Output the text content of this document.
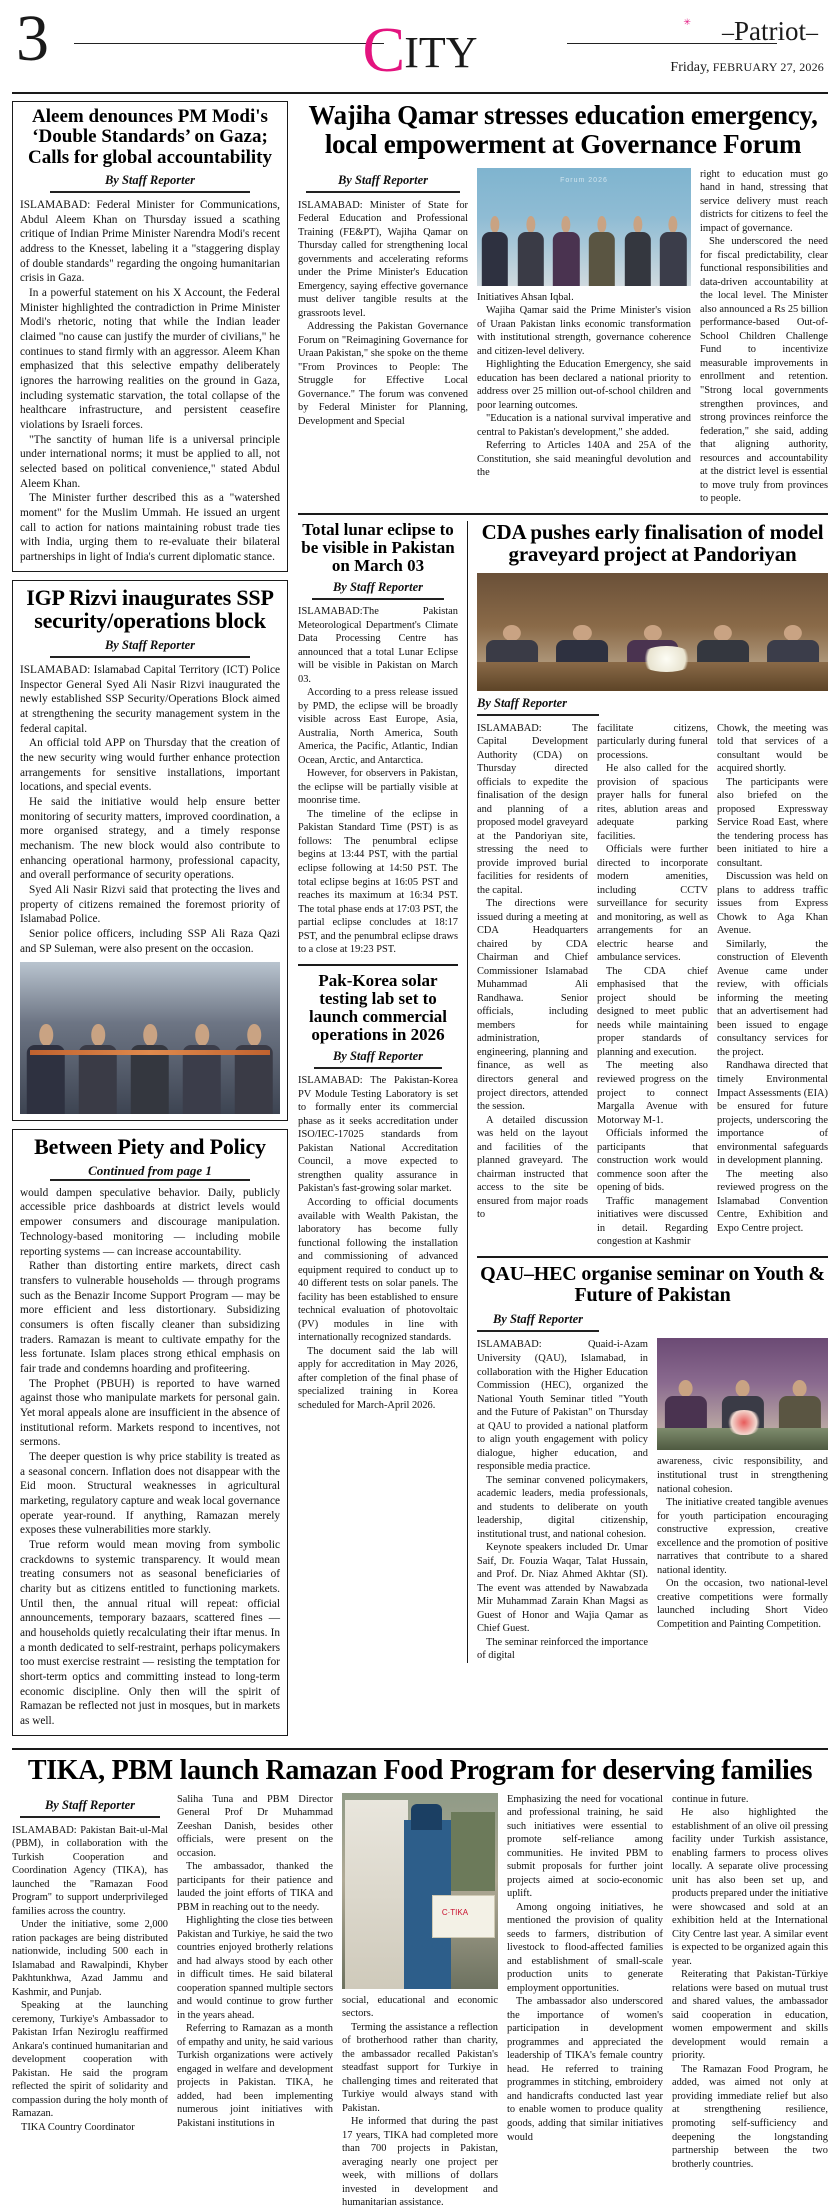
3	CITY
✳ –Patriot–
Friday, FEBRUARY 27, 2026
Aleem denounces PM Modi's ‘Double Standards’ on Gaza; Calls for global accountability
By Staff Reporter

ISLAMABAD: Federal Minister for Communications, Abdul Aleem Khan on Thursday issued a scathing critique of Indian Prime Minister Narendra Modi's recent address to the Knesset, labeling it a "staggering display of double standards" regarding the ongoing humanitarian crisis in Gaza.

In a powerful statement on his X Account, the Federal Minister highlighted the contradiction in Prime Minister Modi's rhetoric, noting that while the Indian leader claimed "no cause can justify the murder of civilians," he continues to stand firmly with an aggressor. Aleem Khan emphasized that this selective empathy deliberately ignores the harrowing realities on the ground in Gaza, including systematic starvation, the total collapse of the healthcare infrastructure, and persistent ceasefire violations by Israeli forces.

"The sanctity of human life is a universal principle under international norms; it must be applied to all, not selected based on political convenience," stated Abdul Aleem Khan.

The Minister further described this as a "watershed moment" for the Muslim Ummah. He issued an urgent call to action for nations maintaining robust trade ties with India, urging them to re-evaluate their bilateral partnerships in light of India's current diplomatic stance.

IGP Rizvi inaugurates SSP security/operations block
By Staff Reporter

ISLAMABAD: Islamabad Capital Territory (ICT) Police Inspector General Syed Ali Nasir Rizvi inaugurated the newly established SSP Security/Operations Block aimed at strengthening the security management system in the federal capital.

An official told APP on Thursday that the creation of the new security wing would further enhance protection arrangements for sensitive installations, important locations, and special events.

He said the initiative would help ensure better monitoring of security matters, improved coordination, a more organised strategy, and a timely response mechanism. The new block would also contribute to enhancing operational harmony, professional capacity, and overall performance of security operations.

Syed Ali Nasir Rizvi said that protecting the lives and property of citizens remained the foremost priority of Islamabad Police.

Senior police officers, including SSP Ali Raza Qazi and SP Suleman, were also present on the occasion.

Between Piety and Policy
Continued from page 1

would dampen speculative behavior. Daily, publicly accessible price dashboards at district levels would empower consumers and discourage manipulation. Technology-based monitoring — including mobile reporting systems — can increase accountability.

Rather than distorting entire markets, direct cash transfers to vulnerable households — through programs such as the Benazir Income Support Program — may be more efficient and less distortionary. Subsidizing consumers is often fiscally cleaner than subsidizing traders. Ramazan is meant to cultivate empathy for the less fortunate. Islam places strong ethical emphasis on fair trade and condemns hoarding and profiteering.

The Prophet (PBUH) is reported to have warned against those who manipulate markets for personal gain. Yet moral appeals alone are insufficient in the absence of institutional reform. Markets respond to incentives, not sermons.

The deeper question is why price stability is treated as a seasonal concern. Inflation does not disappear with the Eid moon. Structural weaknesses in agricultural marketing, regulatory capture and weak local governance operate year-round. If anything, Ramazan merely exposes these vulnerabilities more starkly.

True reform would mean moving from symbolic crackdowns to systemic transparency. It would mean treating consumers not as seasonal beneficiaries of charity but as citizens entitled to functioning markets. Until then, the annual ritual will repeat: official announcements, temporary bazaars, scattered fines — and households quietly recalculating their iftar menus. In a month dedicated to self-restraint, perhaps policymakers too must exercise restraint — resisting the temptation for short-term optics and committing instead to long-term economic discipline. Only then will the spirit of Ramazan be reflected not just in mosques, but in markets as well.

Wajiha Qamar stresses education emergency, local empowerment at Governance Forum
By Staff Reporter

ISLAMABAD: Minister of State for Federal Education and Professional Training (FE&PT), Wajiha Qamar on Thursday called for strengthening local governments and accelerating reforms under the Prime Minister's Education Emergency, saying effective governance must deliver tangible results at the grassroots level.

Addressing the Pakistan Governance Forum on "Reimagining Governance for Uraan Pakistan," she spoke on the theme "From Provinces to People: The Struggle for Effective Local Governance." The forum was convened by Federal Minister for Planning, Development and Special

Forum 2026

Initiatives Ahsan Iqbal.

Wajiha Qamar said the Prime Minister's vision of Uraan Pakistan links economic transformation with institutional strength, governance coherence and citizen-level delivery.

Highlighting the Education Emergency, she said education has been declared a national priority to address over 25 million out-of-school children and poor learning outcomes.

"Education is a national survival imperative and central to Pakistan's development," she added.

Referring to Articles 140A and 25A of the Constitution, she said meaningful devolution and the

right to education must go hand in hand, stressing that service delivery must reach districts for citizens to feel the impact of governance.

She underscored the need for fiscal predictability, clear functional responsibilities and data-driven accountability at the local level. The Minister also announced a Rs 25 billion performance-based Out-of-School Children Challenge Fund to incentivize measurable improvements in enrollment and retention. "Strong local governments strengthen provinces, and strong provinces reinforce the federation," she said, adding that aligning authority, resources and accountability at the district level is essential to move truly from provinces to people.

Total lunar eclipse to be visible in Pakistan on March 03
By Staff Reporter

ISLAMABAD:The Pakistan Meteorological Department's Climate Data Processing Centre has announced that a total Lunar Eclipse will be visible in Pakistan on March 03.

According to a press release issued by PMD, the eclipse will be broadly visible across East Europe, Asia, Australia, North America, South America, the Pacific, Atlantic, Indian Ocean, Arctic, and Antarctica.

However, for observers in Pakistan, the eclipse will be partially visible at moonrise time.

The timeline of the eclipse in Pakistan Standard Time (PST) is as follows: The penumbral eclipse begins at 13:44 PST, with the partial eclipse following at 14:50 PST. The total eclipse begins at 16:05 PST and reaches its maximum at 16:34 PST. The total phase ends at 17:03 PST, the partial eclipse concludes at 18:17 PST, and the penumbral eclipse draws to a close at 19:23 PST.

Pak-Korea solar testing lab set to launch commercial operations in 2026
By Staff Reporter

ISLAMABAD: The Pakistan-Korea PV Module Testing Laboratory is set to formally enter its commercial phase as it seeks accreditation under ISO/IEC-17025 standards from Pakistan National Accreditation Council, a move expected to strengthen quality assurance in Pakistan's fast-growing solar market.

According to official documents available with Wealth Pakistan, the laboratory has become fully functional following the installation and commissioning of advanced equipment required to conduct up to 40 different tests on solar panels. The facility has been established to ensure technical evaluation of photovoltaic (PV) modules in line with internationally recognized standards.

The document said the lab will apply for accreditation in May 2026, after completion of the final phase of specialized training in Korea scheduled for March-April 2026.

CDA pushes early finalisation of model graveyard project at Pandoriyan
By Staff Reporter

ISLAMABAD: The Capital Development Authority (CDA) on Thursday directed officials to expedite the finalisation of the design and planning of a proposed model graveyard at the Pandoriyan site, stressing the need to provide improved burial facilities for residents of the capital.

The directions were issued during a meeting at CDA Headquarters chaired by CDA Chairman and Chief Commissioner Islamabad Muhammad Ali Randhawa. Senior officials, including members for administration, engineering, planning and finance, as well as directors general and project directors, attended the session.

A detailed discussion was held on the layout and facilities of the planned graveyard. The chairman instructed that access to the site be ensured from major roads to

facilitate citizens, particularly during funeral processions.

He also called for the provision of spacious prayer halls for funeral rites, ablution areas and adequate parking facilities.

Officials were further directed to incorporate modern amenities, including CCTV surveillance for security and monitoring, as well as arrangements for an electric hearse and ambulance services.

The CDA chief emphasised that the project should be designed to meet public needs while maintaining proper standards of planning and execution.

The meeting also reviewed progress on the project to connect Margalla Avenue with Motorway M-1.

Officials informed the participants that construction work would commence soon after the opening of bids.

Traffic management initiatives were discussed in detail. Regarding congestion at Kashmir

Chowk, the meeting was told that services of a consultant would be acquired shortly.

The participants were also briefed on the proposed Expressway Service Road East, where the tendering process has been initiated to hire a consultant.

Discussion was held on plans to address traffic issues from Express Chowk to Aga Khan Avenue.

Similarly, the construction of Eleventh Avenue came under review, with officials informing the meeting that an advertisement had been issued to engage consultancy services for the project.

Randhawa directed that timely Environmental Impact Assessments (EIA) be ensured for future projects, underscoring the importance of environmental safeguards in development planning.

The meeting also reviewed progress on the Islamabad Convention Centre, Exhibition and Expo Centre project.

QAU–HEC organise seminar on Youth & Future of Pakistan
By Staff Reporter

ISLAMABAD: Quaid-i-Azam University (QAU), Islamabad, in collaboration with the Higher Education Commission (HEC), organized the National Youth Seminar titled "Youth and the Future of Pakistan" on Thursday at QAU to provided a national platform to align youth engagement with policy dialogue, higher education, and responsible media practice.

The seminar convened policymakers, academic leaders, media professionals, and students to deliberate on youth leadership, digital citizenship, institutional trust, and national cohesion.

Keynote speakers included Dr. Umar Saif, Dr. Fouzia Waqar, Talat Hussain, and Prof. Dr. Niaz Ahmed Akhtar (SI). The event was attended by Nawabzada Mir Muhammad Zarain Khan Magsi as Guest of Honor and Wajia Qamar as Chief Guest.

The seminar reinforced the importance of digital

awareness, civic responsibility, and institutional trust in strengthening national cohesion.

The initiative created tangible avenues for youth participation encouraging constructive expression, creative excellence and the promotion of positive narratives that contribute to a shared national identity.

On the occasion, two national-level creative competitions were formally launched including Short Video Competition and Painting Competition.

TIKA, PBM launch Ramazan Food Program for deserving families
By Staff Reporter

ISLAMABAD: Pakistan Bait-ul-Mal (PBM), in collaboration with the Turkish Cooperation and Coordination Agency (TIKA), has launched the "Ramazan Food Program" to support underprivileged families across the country.

Under the initiative, some 2,000 ration packages are being distributed nationwide, including 500 each in Islamabad and Rawalpindi, Khyber Pakhtunkhwa, Azad Jammu and Kashmir, and Punjab.

Speaking at the launching ceremony, Turkiye's Ambassador to Pakistan Irfan Neziroglu reaffirmed Ankara's continued humanitarian and development cooperation with Pakistan. He said the program reflected the spirit of solidarity and compassion during the holy month of Ramazan.

TIKA Country Coordinator

Saliha Tuna and PBM Director General Prof Dr Muhammad Zeeshan Danish, besides other officials, were present on the occasion.

The ambassador, thanked the participants for their patience and lauded the joint efforts of TIKA and PBM in reaching out to the needy.

Highlighting the close ties between Pakistan and Turkiye, he said the two countries enjoyed brotherly relations and had always stood by each other in difficult times. He said bilateral cooperation spanned multiple sectors and would continue to grow further in the years ahead.

Referring to Ramazan as a month of empathy and unity, he said various Turkish organizations were actively engaged in welfare and development projects in Pakistan. TIKA, he added, had been implementing numerous joint initiatives with Pakistani institutions in

C·TIKA

social, educational and economic sectors.

Terming the assistance a reflection of brotherhood rather than charity, the ambassador recalled Pakistan's steadfast support for Turkiye in challenging times and reiterated that Turkiye would always stand with Pakistan.

He informed that during the past 17 years, TIKA had completed more than 700 projects in Pakistan, averaging nearly one project per week, with millions of dollars invested in development and humanitarian assistance.

Emphasizing the need for vocational and professional training, he said such initiatives were essential to promote self-reliance among communities. He invited PBM to submit proposals for further joint projects aimed at socio-economic uplift.

Among ongoing initiatives, he mentioned the provision of quality seeds to farmers, distribution of livestock to flood-affected families and establishment of small-scale production units to generate employment opportunities.

The ambassador also underscored the importance of women's participation in development programmes and appreciated the leadership of TIKA's female country head. He referred to training programmes in stitching, embroidery and handicrafts conducted last year to enable women to produce quality goods, adding that similar initiatives would

continue in future.

He also highlighted the establishment of an olive oil pressing facility under Turkish assistance, enabling farmers to process olives locally. A separate olive processing unit has also been set up, and products prepared under the initiative were showcased and sold at an exhibition held at the International City Centre last year. A similar event is expected to be organized again this year.

Reiterating that Pakistan-Türkiye relations were based on mutual trust and shared values, the ambassador said cooperation in education, women empowerment and skills development would remain a priority.

The Ramazan Food Program, he added, was aimed not only at providing immediate relief but also at strengthening resilience, promoting self-sufficiency and deepening the longstanding partnership between the two brotherly countries.
